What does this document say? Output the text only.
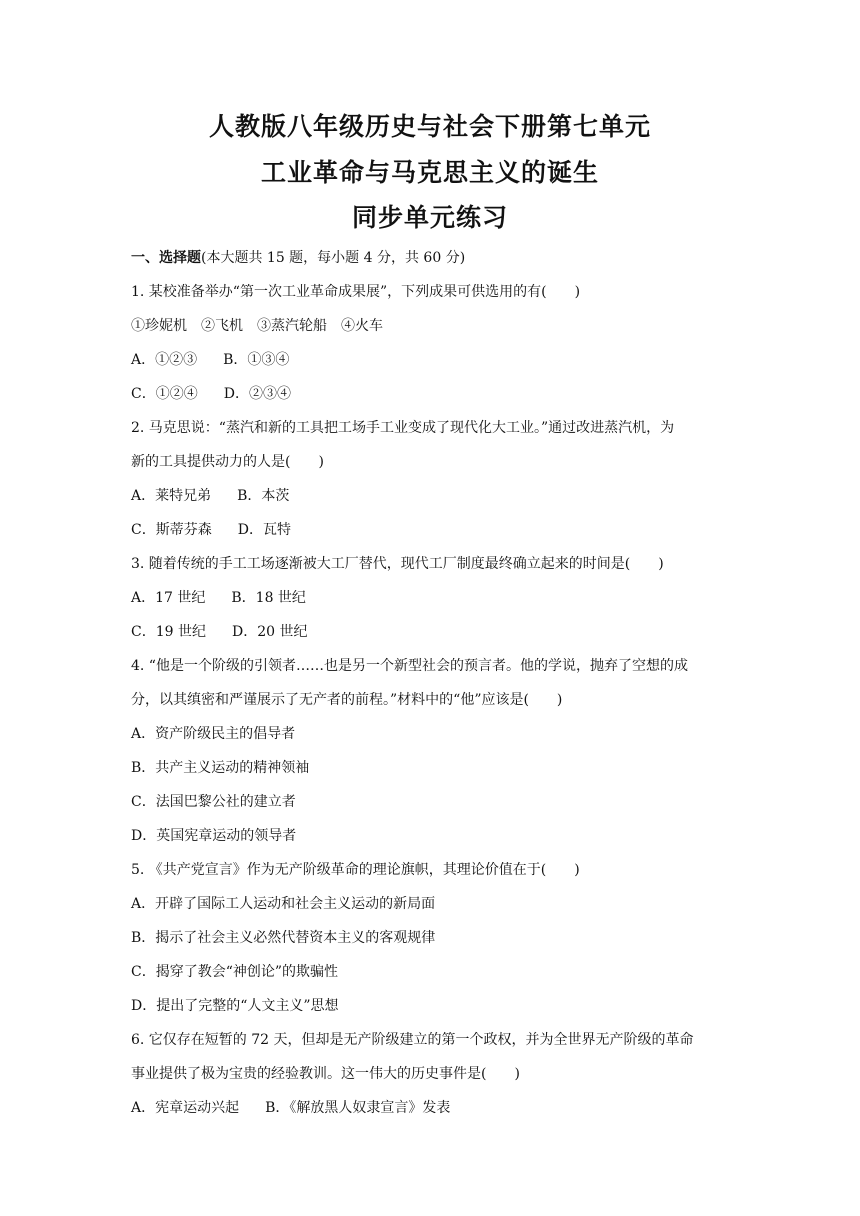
人教版八年级历史与社会下册第七单元
工业革命与马克思主义的诞生
同步单元练习
一、选择题(本大题共 15 题，每小题 4 分，共 60 分)
1. 某校准备举办“第一次工业革命成果展”，下列成果可供选用的有(　　)
①珍妮机 ②飞机 ③蒸汽轮船 ④火车
A．①②③ B．①③④
C．①②④ D．②③④
2. 马克思说：“蒸汽和新的工具把工场手工业变成了现代化大工业。”通过改进蒸汽机，为
新的工具提供动力的人是(　　)
A．莱特兄弟 B．本茨
C．斯蒂芬森 D．瓦特
3. 随着传统的手工工场逐渐被大工厂替代，现代工厂制度最终确立起来的时间是(　　)
A．17 世纪 B．18 世纪
C．19 世纪 D．20 世纪
4. “他是一个阶级的引领者……也是另一个新型社会的预言者。他的学说，抛弃了空想的成
分，以其缜密和严谨展示了无产者的前程。”材料中的“他”应该是(　　)
A．资产阶级民主的倡导者
B．共产主义运动的精神领袖
C．法国巴黎公社的建立者
D．英国宪章运动的领导者
5. 《共产党宣言》作为无产阶级革命的理论旗帜，其理论价值在于(　　)
A．开辟了国际工人运动和社会主义运动的新局面
B．揭示了社会主义必然代替资本主义的客观规律
C．揭穿了教会“神创论”的欺骗性
D．提出了完整的“人文主义”思想
6. 它仅存在短暂的 72 天，但却是无产阶级建立的第一个政权，并为全世界无产阶级的革命
事业提供了极为宝贵的经验教训。这一伟大的历史事件是(　　)
A．宪章运动兴起 B．《解放黑人奴隶宣言》发表
